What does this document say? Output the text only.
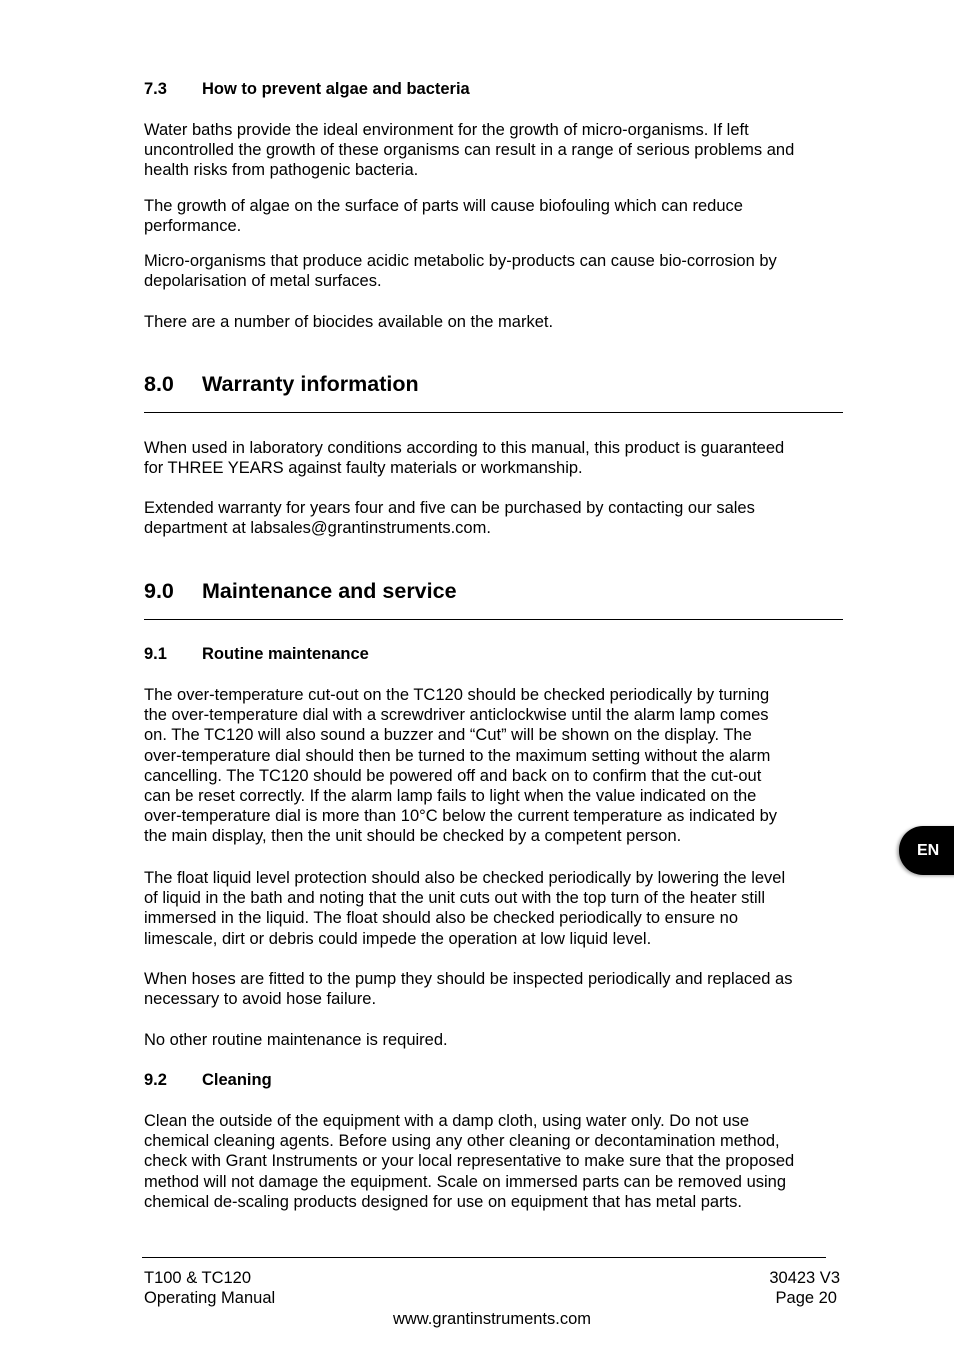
7.3 How to prevent algae and bacteria
Water baths provide the ideal environment for the growth of micro-organisms. If left
uncontrolled the growth of these organisms can result in a range of serious problems and
health risks from pathogenic bacteria.
The growth of algae on the surface of parts will cause biofouling which can reduce
performance.
Micro-organisms that produce acidic metabolic by-products can cause bio-corrosion by
depolarisation of metal surfaces.
There are a number of biocides available on the market.
8.0 Warranty information
When used in laboratory conditions according to this manual, this product is guaranteed
for THREE YEARS against faulty materials or workmanship.
Extended warranty for years four and five can be purchased by contacting our sales
department at labsales@grantinstruments.com.
9.0 Maintenance and service
9.1 Routine maintenance
The over-temperature cut-out on the TC120 should be checked periodically by turning
the over-temperature dial with a screwdriver anticlockwise until the alarm lamp comes
on. The TC120 will also sound a buzzer and “Cut” will be shown on the display. The
over-temperature dial should then be turned to the maximum setting without the alarm
cancelling. The TC120 should be powered off and back on to confirm that the cut-out
can be reset correctly. If the alarm lamp fails to light when the value indicated on the
over-temperature dial is more than 10°C below the current temperature as indicated by
the main display, then the unit should be checked by a competent person.
The float liquid level protection should also be checked periodically by lowering the level
of liquid in the bath and noting that the unit cuts out with the top turn of the heater still
immersed in the liquid. The float should also be checked periodically to ensure no
limescale, dirt or debris could impede the operation at low liquid level.
When hoses are fitted to the pump they should be inspected periodically and replaced as
necessary to avoid hose failure.
No other routine maintenance is required.
9.2 Cleaning
Clean the outside of the equipment with a damp cloth, using water only. Do not use
chemical cleaning agents. Before using any other cleaning or decontamination method,
check with Grant Instruments or your local representative to make sure that the proposed
method will not damage the equipment. Scale on immersed parts can be removed using
chemical de-scaling products designed for use on equipment that has metal parts.
EN
T100 & TC120
Operating Manual
30423 V3
Page 20
www.grantinstruments.com
